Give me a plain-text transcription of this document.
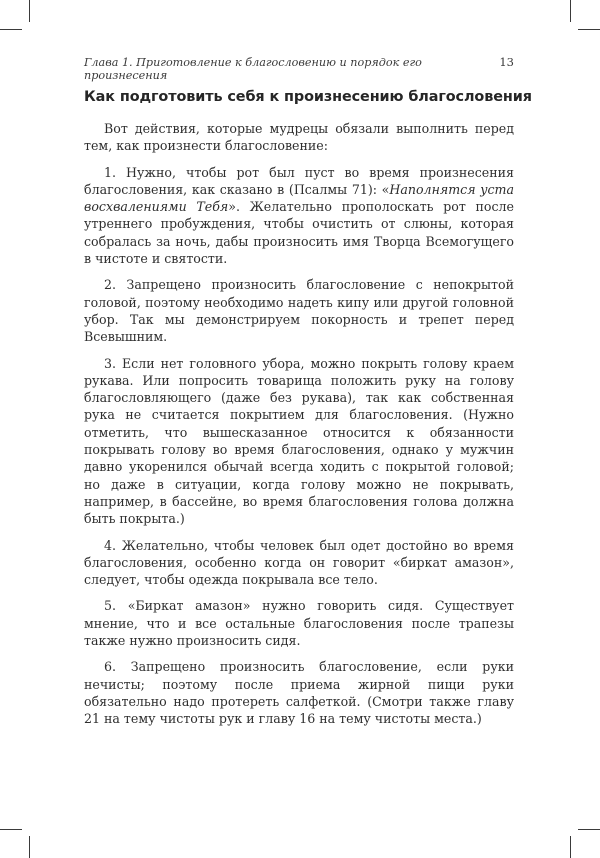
Глава 1. Приготовление к благословению и порядок его произнесения
13
Как подготовить себя к произнесению благословения

Вот действия, которые мудрецы обязали выполнить перед тем, как произнести благословение:

1. Нужно, чтобы рот был пуст во время произнесения благословения, как сказано в (Псалмы 71): «Наполнятся уста восхвалениями Тебя». Желательно прополоскать рот после утреннего пробуждения, чтобы очистить от слюны, которая собралась за ночь, дабы произносить имя Творца Всемогущего в чистоте и святости.

2. Запрещено произносить благословение с непокрытой головой, поэтому необходимо надеть кипу или другой головной убор. Так мы демонстрируем покорность и трепет перед Всевышним.

3. Если нет головного убора, можно покрыть голову краем рукава. Или попросить товарища положить руку на голову благословляющего (даже без рукава), так как собственная рука не считается покрытием для благословения. (Нужно отметить, что вышесказанное относится к обязанности покрывать голову во время благословения, однако у мужчин давно укоренился обычай всегда ходить с покрытой головой; но даже в ситуации, когда голову можно не покрывать, например, в бассейне, во время благословения голова должна быть покрыта.)

4. Желательно, чтобы человек был одет достойно во время благословения, особенно когда он говорит «биркат амазон», следует, чтобы одежда покрывала все тело.

5. «Биркат амазон» нужно говорить сидя. Существует мнение, что и все остальные благословения после трапезы также нужно произносить сидя.

6. Запрещено произносить благословение, если руки нечисты; поэтому после приема жирной пищи руки обязательно надо протереть салфеткой. (Смотри также главу 21 на тему чистоты рук и главу 16 на тему чистоты места.)
